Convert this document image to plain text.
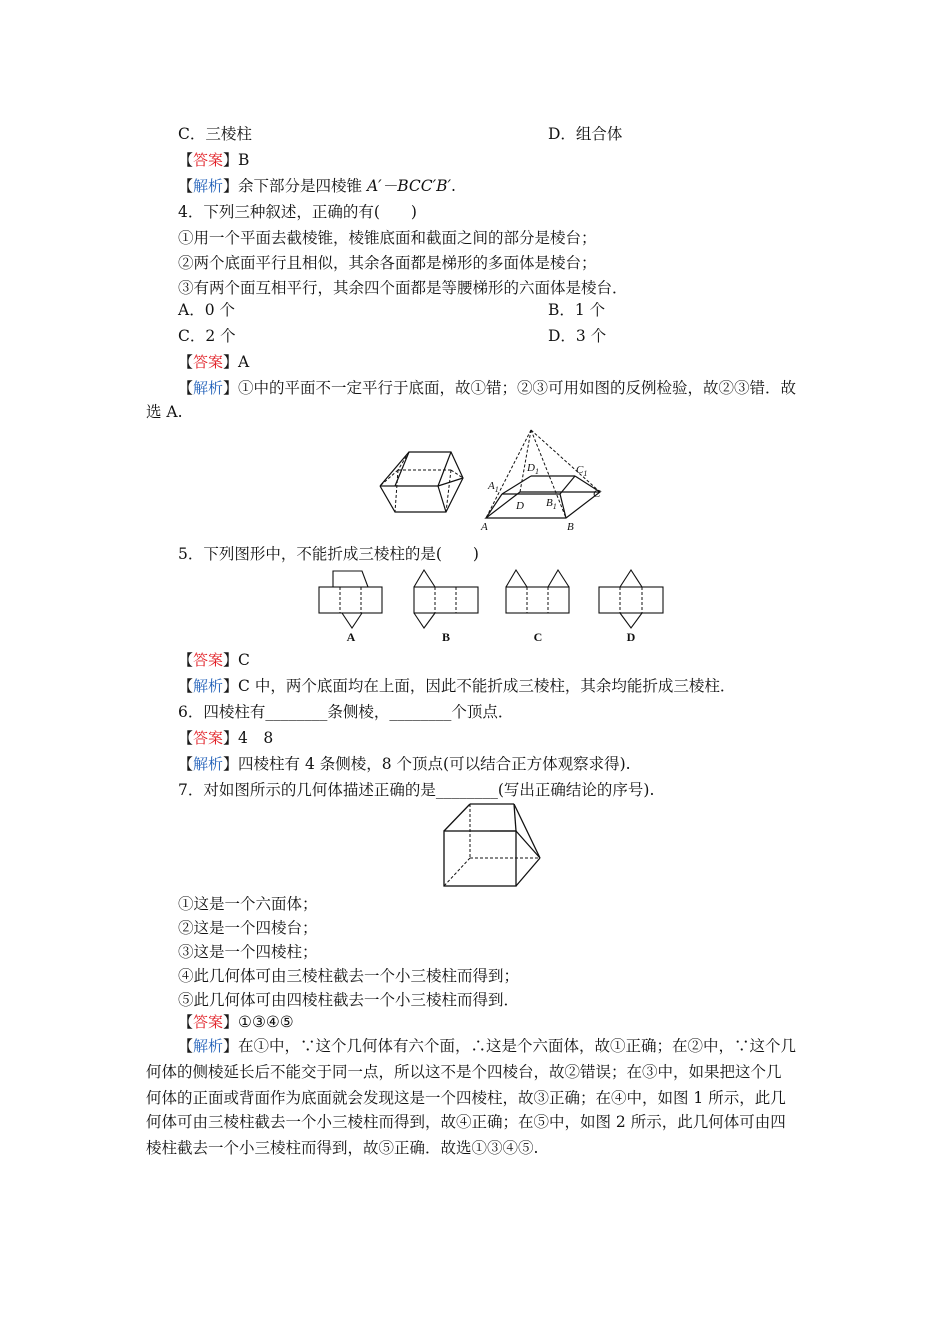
C．三棱柱	D．组合体
【答案】B
【解析】余下部分是四棱锥 A′－BCC′B′.
4．下列三种叙述，正确的有(　　)
①用一个平面去截棱锥，棱锥底面和截面之间的部分是棱台；
②两个底面平行且相似，其余各面都是梯形的多面体是棱台；
③有两个面互相平行，其余四个面都是等腰梯形的六面体是棱台．
A．0 个	B．1 个
C．2 个	D．3 个
【答案】A
【解析】①中的平面不一定平行于底面，故①错；②③可用如图的反例检验，故②③错．故
选 A.
$D_1$	$C_1$
$A_1$
$B_1$
C
D
A	B
5．下列图形中，不能折成三棱柱的是(　　)
A	B	C	D
【答案】C
【解析】C 中，两个底面均在上面，因此不能折成三棱柱，其余均能折成三棱柱．
6．四棱柱有________条侧棱，________个顶点．
【答案】4　8
【解析】四棱柱有 4 条侧棱，8 个顶点(可以结合正方体观察求得).
7．对如图所示的几何体描述正确的是________(写出正确结论的序号).
①这是一个六面体；
②这是一个四棱台；
③这是一个四棱柱；
④此几何体可由三棱柱截去一个小三棱柱而得到；
⑤此几何体可由四棱柱截去一个小三棱柱而得到．
【答案】①③④⑤
【解析】在①中，∵这个几何体有六个面，∴这是个六面体，故①正确；在②中，∵这个几
何体的侧棱延长后不能交于同一点，所以这不是个四棱台，故②错误；在③中，如果把这个几
何体的正面或背面作为底面就会发现这是一个四棱柱，故③正确；在④中，如图 1 所示，此几
何体可由三棱柱截去一个小三棱柱而得到，故④正确；在⑤中，如图 2 所示，此几何体可由四
棱柱截去一个小三棱柱而得到，故⑤正确．故选①③④⑤.
